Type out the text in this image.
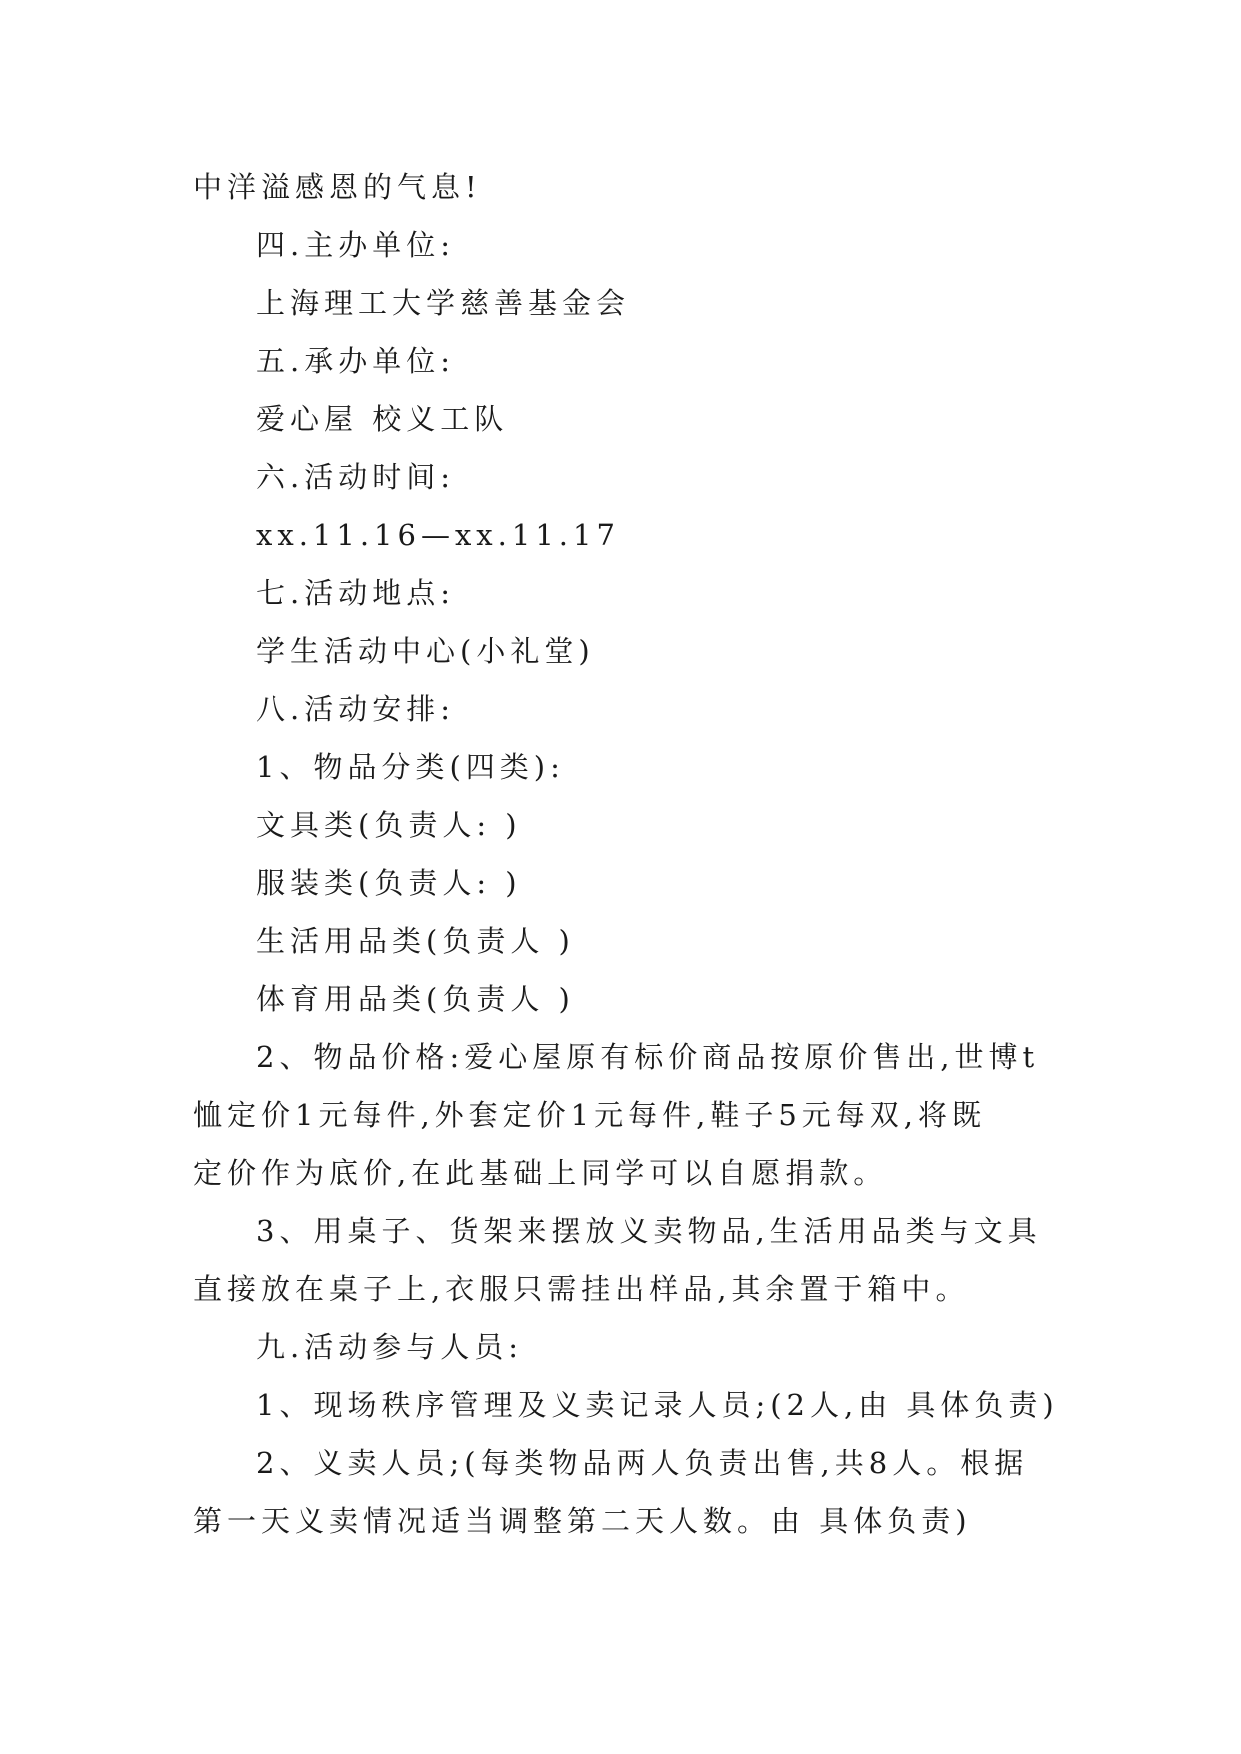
中洋溢感恩的气息!

四.主办单位:

上海理工大学慈善基金会

五.承办单位:

爱心屋 校义工队

六.活动时间:

xx.11.16—xx.11.17

七.活动地点:

学生活动中心(小礼堂)

八.活动安排:

1、物品分类(四类):

文具类(负责人: )

服装类(负责人: )

生活用品类(负责人 )

体育用品类(负责人 )

2、物品价格:爱心屋原有标价商品按原价售出,世博t

恤定价1元每件,外套定价1元每件,鞋子5元每双,将既

定价作为底价,在此基础上同学可以自愿捐款。

3、用桌子、货架来摆放义卖物品,生活用品类与文具

直接放在桌子上,衣服只需挂出样品,其余置于箱中。

九.活动参与人员:

1、现场秩序管理及义卖记录人员;(2人,由 具体负责)

2、义卖人员;(每类物品两人负责出售,共8人。根据

第一天义卖情况适当调整第二天人数。由 具体负责)
